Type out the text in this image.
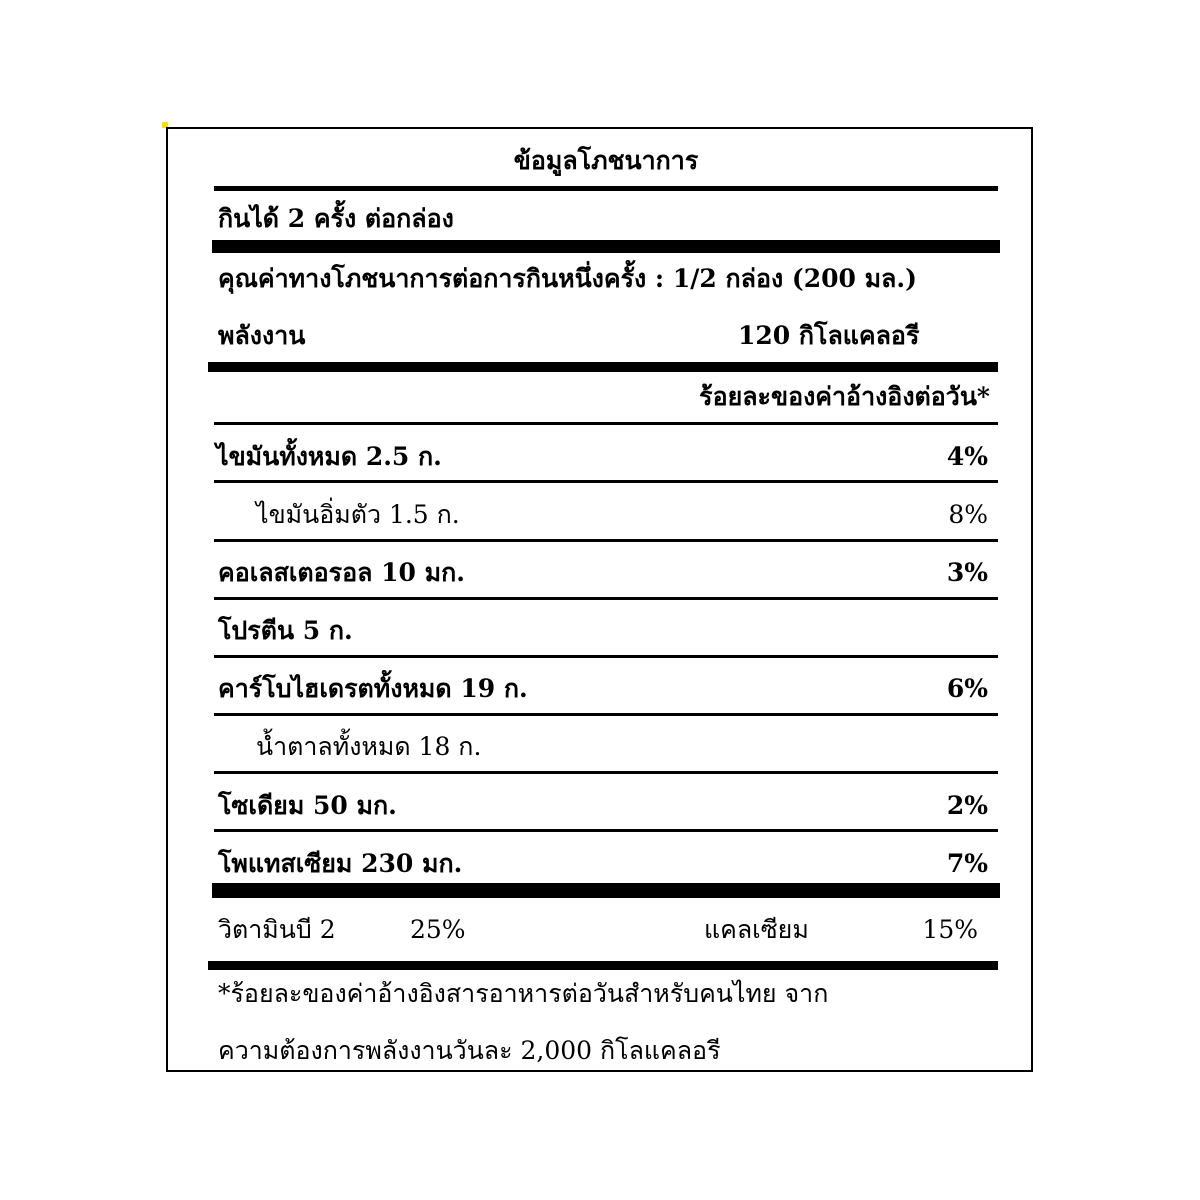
ข้อมูลโภชนาการ
กินได้ 2 ครั้ง ต่อกล่อง
คุณค่าทางโภชนาการต่อการกินหนึ่งครั้ง : 1/2 กล่อง (200 มล.)
พลังงาน	120 กิโลแคลอรี
ร้อยละของค่าอ้างอิงต่อวัน*
ไขมันทั้งหมด 2.5 ก.	4%
ไขมันอิ่มตัว 1.5 ก.	8%
คอเลสเตอรอล 10 มก.	3%
โปรตีน 5 ก.
คาร์โบไฮเดรตทั้งหมด 19 ก.	6%
น้ำตาลทั้งหมด 18 ก.
โซเดียม 50 มก.	2%
โพแทสเซียม 230 มก.	7%
วิตามินบี 2	25%	แคลเซียม	15%
*ร้อยละของค่าอ้างอิงสารอาหารต่อวันสำหรับคนไทย จาก
ความต้องการพลังงานวันละ 2,000 กิโลแคลอรี
